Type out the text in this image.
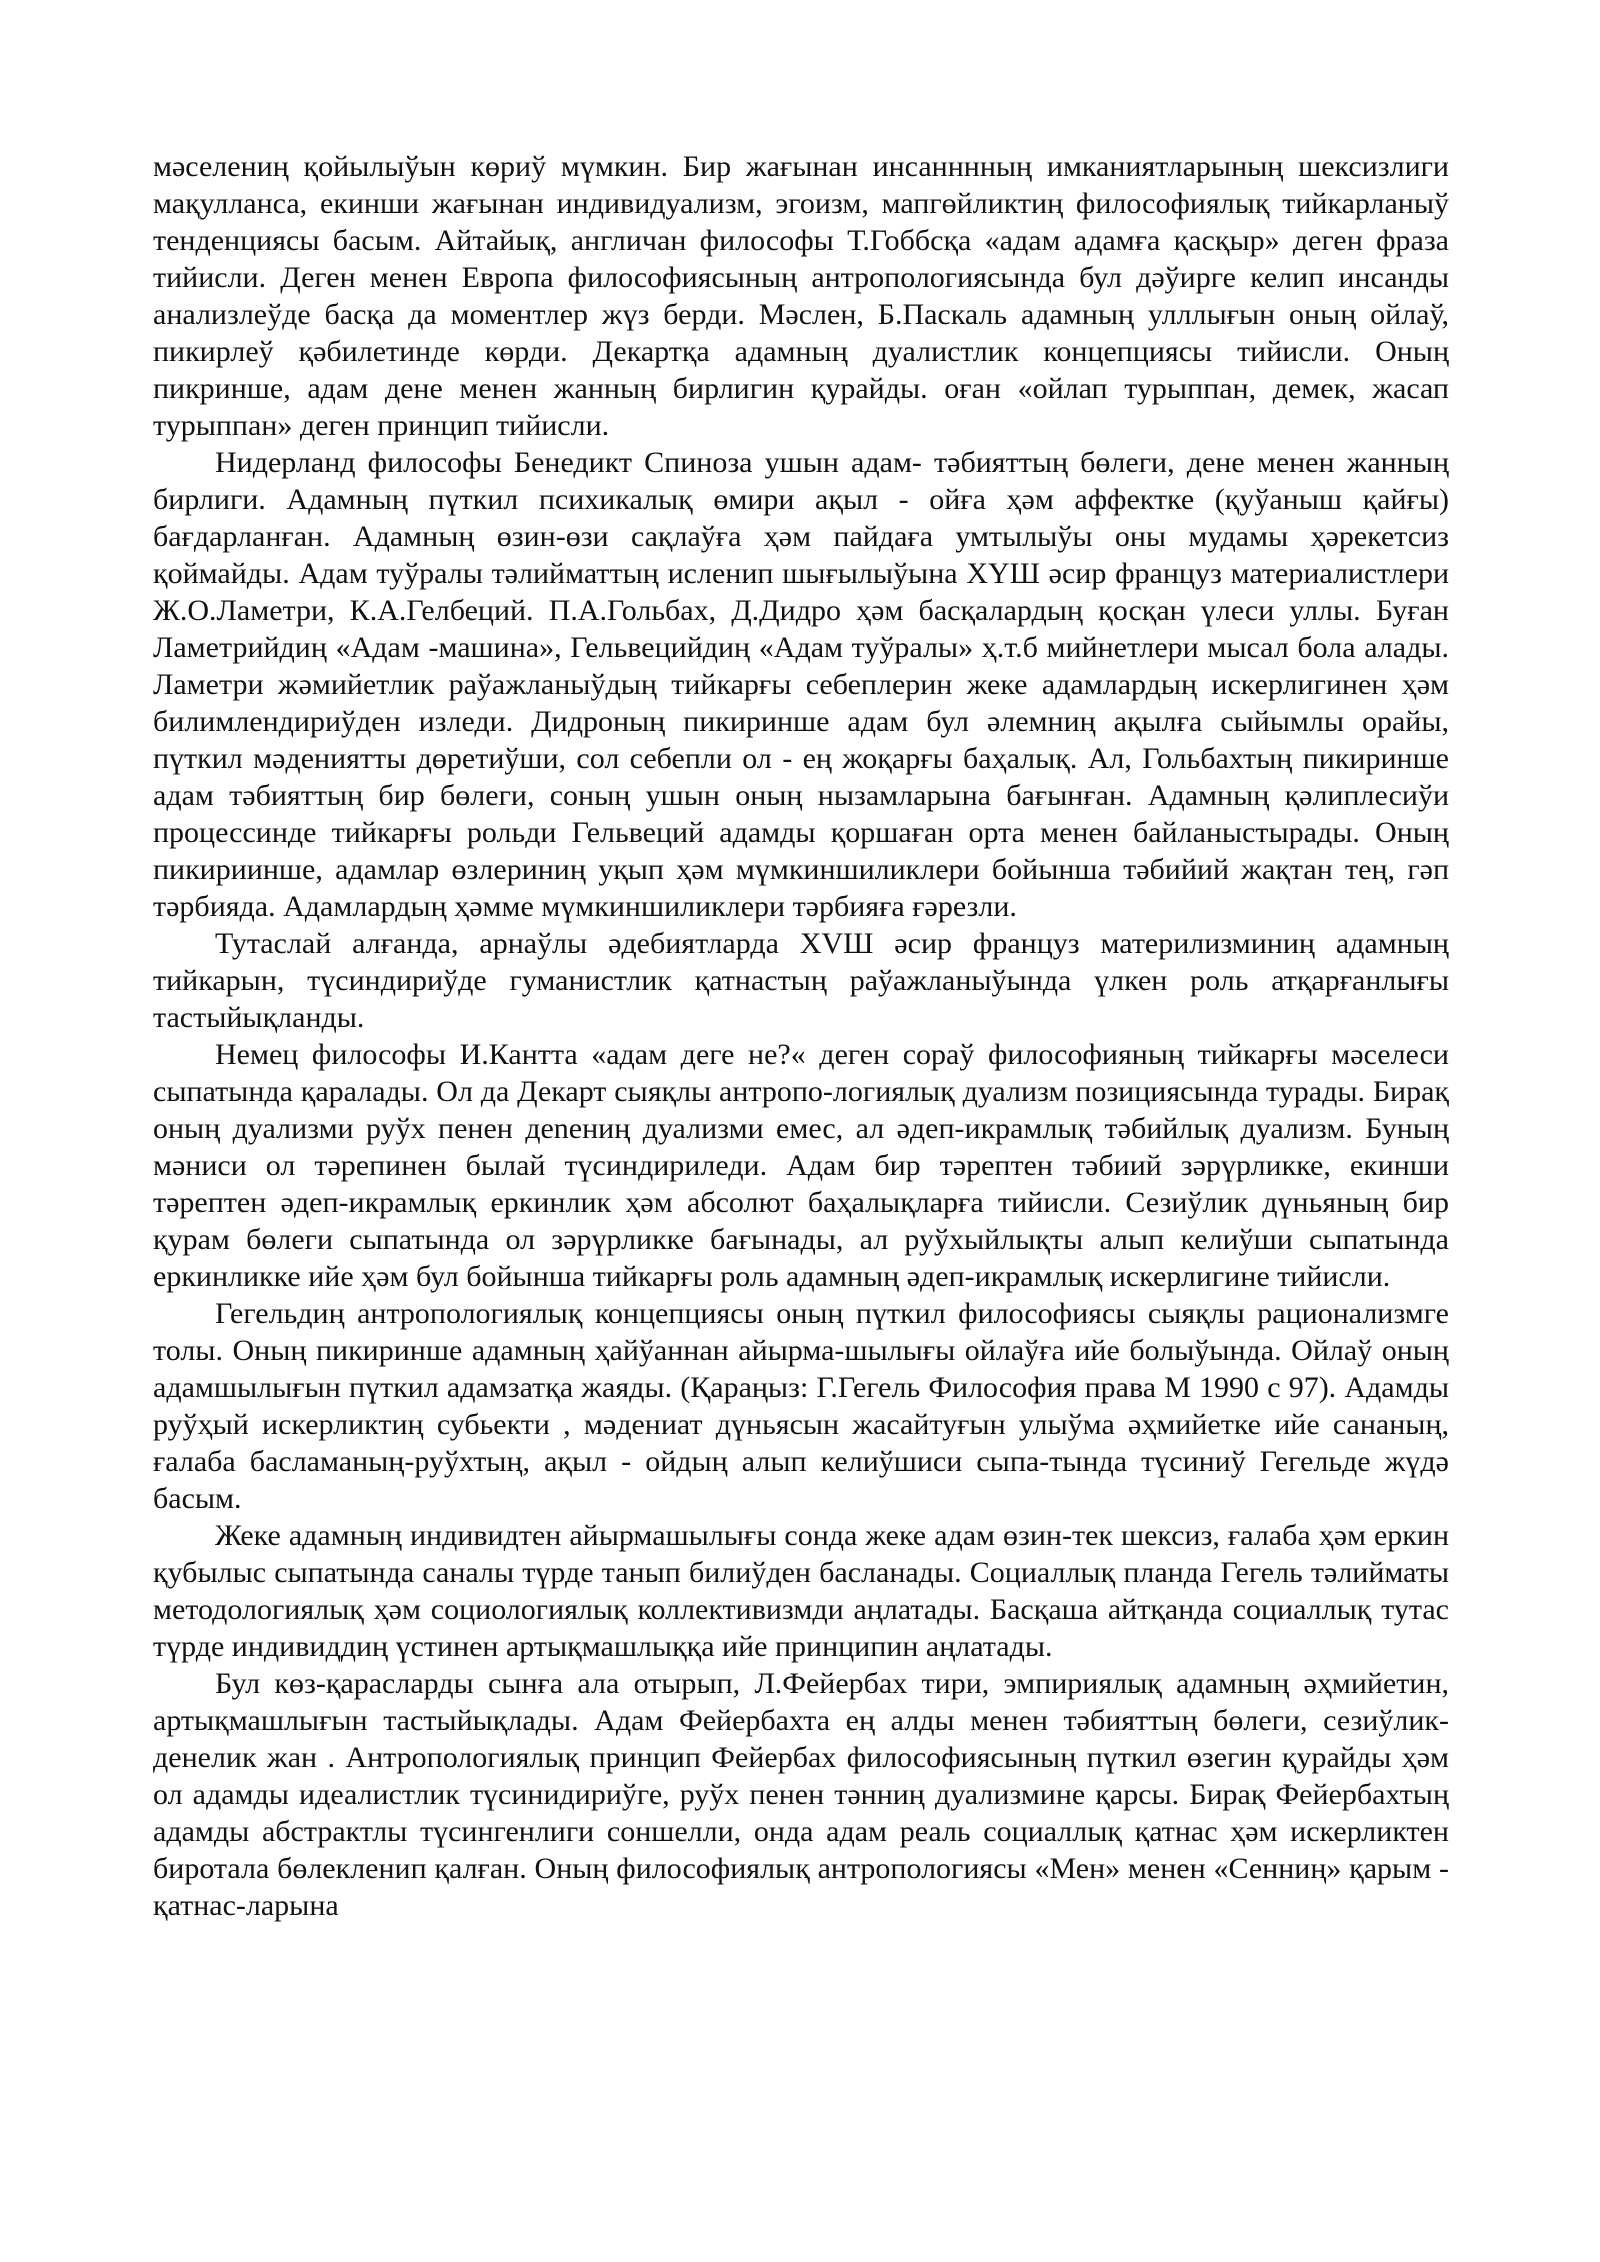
мәселениң қойылыўын көриў мүмкин. Бир жағынан инсанннның имканиятларының шексизлиги мақулланса, екинши жағынан индивидуализм, эгоизм, мапгөйликтиң философиялық тийкарланыў тенденциясы басым. Айтайық, англичан философы Т.Гоббсқа «адам адамға қасқыр» деген фраза тийисли. Деген менен Европа философиясының антропологиясында бул дәўирге келип инсанды анализлеўде басқа да моментлер жүз берди. Мәслен, Б.Паскаль адамның улллығын оның ойлаў, пикирлеў қәбилетинде көрди. Декартқа адамның дуалистлик концепциясы тийисли. Оның пикринше, адам дене менен жанның бирлигин қурайды. оған «ойлап турыппан, демек, жасап турыппан» деген принцип тийисли.

Нидерланд философы Бенедикт Спиноза ушын адам- тәбияттың бөлеги, дене менен жанның бирлиги. Адамның пүткил психикалық өмири ақыл - ойға ҳәм аффектке (қуўаныш қайғы) бағдарланған. Адамның өзин-өзи сақлаўға ҳәм пайдаға умтылыўы оны мудамы ҳәрекетсиз қоймайды. Адам туўралы тәлийматтың исленип шығылыўына ХҮШ әсир француз материалистлери Ж.О.Ламетри, К.А.Гелбеций. П.А.Гольбах, Д.Дидро ҳәм басқалардың қосқан үлеси уллы. Буған Ламетрийдиң «Адам -машина», Гельвецийдиң «Адам туўралы» ҳ.т.б мийнетлери мысал бола алады. Ламетри жәмийетлик раўажланыўдың тийкарғы себеплерин жеке адамлардың искерлигинен ҳәм билимлендириўден изледи. Дидроның пикиринше адам бул әлемниң ақылға сыйымлы орайы, пүткил мәдениятты дөретиўши, сол себепли ол - ең жоқарғы баҳалық. Ал, Гольбахтың пикиринше адам тәбияттың бир бөлеги, соның ушын оның нызамларына бағынған. Адамның қәлиплесиўи процессинде тийкарғы рольди Гельвеций адамды қоршаған орта менен байланыстырады. Оның пикириинше, адамлар өзлериниң уқып ҳәм мүмкиншиликлери бойынша тәбийий жақтан тең, гәп тәрбияда. Адамлардың ҳәмме мүмкиншиликлери тәрбияға ғәрезли.

Тутаслай алғанда, арнаўлы әдебиятларда ХVШ әсир француз материлизминиң адамның тийкарын, түсиндириўде гуманистлик қатнастың раўажланыўында үлкен роль атқарғанлығы тастыйықланды.

Немец философы И.Кантта «адам деге не?« деген сораў философияның тийкарғы мәселеси сыпатында қаралады. Ол да Декарт сыяқлы антропо-логиялық дуализм позициясында турады. Бирақ оның дуализми руўх пенен дenениң дуализми емес, ал әдеп-икрамлық тәбийлық дуализм. Буның мәниси ол тәрепинен былай түсиндириледи. Адам бир тәрептен тәбиий зәрүрликке, екинши тәрептен әдеп-икрамлық еркинлик ҳәм абсолют баҳалықларға тийисли. Сезиўлик дүньяның бир қурам бөлеги сыпатында ол зәрүрликке бағынады, ал руўхыйлықты алып келиўши сыпатында еркинликке ийе ҳәм бул бойынша тийкарғы роль адамның әдеп-икрамлық искерлигине тийисли.

Гегельдиң антропологиялық концепциясы оның пүткил философиясы сыяқлы рационализмге толы. Оның пикиринше адамның ҳайўаннан айырма-шылығы ойлаўға ийе болыўында. Ойлаў оның адамшылығын пүткил адамзатқа жаяды. (Қараңыз: Г.Гегель Философия права М 1990 с 97). Адамды руўҳый искерликтиң субьекти , мәдениат дүньясын жасайтуғын улыўма әҳмийетке ийе сананың, ғалаба басламаның-руўхтың, ақыл - ойдың алып келиўшиси сыпа-тында түсиниў Гегельде жүдә басым.

Жеке адамның индивидтен айырмашылығы сонда жеке адам өзин-тек шексиз, ғалаба ҳәм еркин қубылыс сыпатында саналы түрде танып билиўден басланады. Социаллық планда Гегель тәлийматы методологиялық ҳәм социологиялық коллективизмди аңлатады. Басқаша айтқанда социаллық тутас түрде индивиддиң үстинен артықмашлыққа ийе принципин аңлатады.

Бул көз-қарасларды сынға ала отырып, Л.Фейербах тири, эмпириялық адамның әҳмийетин, артықмашлығын тастыйықлады. Адам Фейербахта ең алды менен тәбияттың бөлеги, сезиўлик-денелик жан . Антропологиялық принцип Фейербах философиясының пүткил өзегин қурайды ҳәм ол адамды идеалистлик түсинидириўге, руўх пенен тәнниң дуализмине қарсы. Бирақ Фейербахтың адамды абстрактлы түсингенлиги соншелли, онда адам реаль социаллық қатнас ҳәм искерликтен биротала бөлекленип қалған. Оның философиялық антропологиясы «Мен» менен «Сенниң» қарым - қатнас-ларына
